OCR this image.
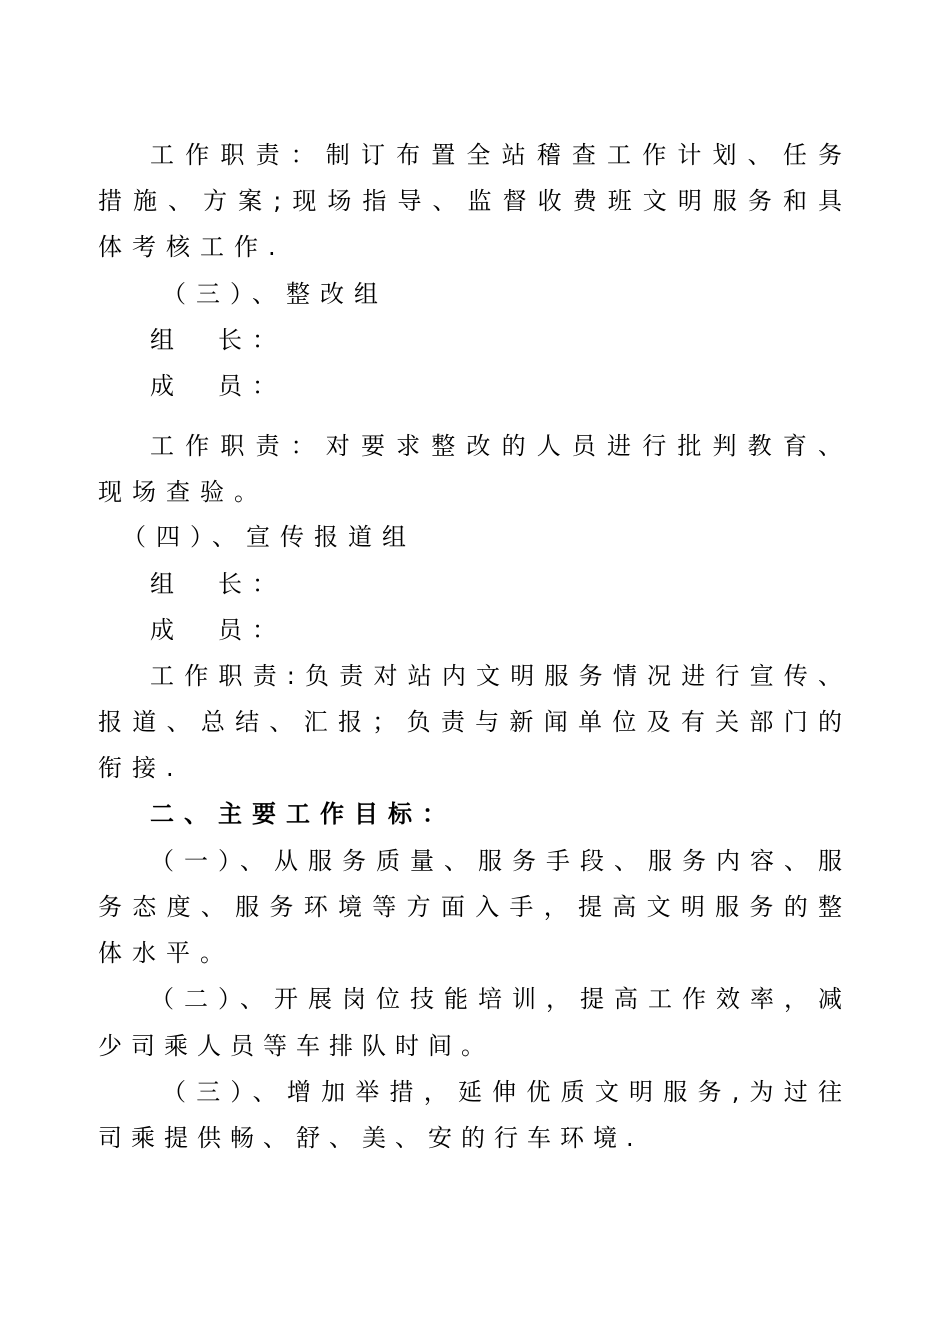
工作职责：制订布置全站稽查工作计划、任务
措施、方案;现场指导、监督收费班文明服务和具
体考核工作.
（三）、整改组
组 长：
成 员：
工作职责：对要求整改的人员进行批判教育、
现场查验。
（四）、宣传报道组
组 长：
成 员：
工作职责:负责对站内文明服务情况进行宣传、
报道、总结、汇报；负责与新闻单位及有关部门的
衔接.
二、主要工作目标：
（一）、从服务质量、服务手段、服务内容、服
务态度、服务环境等方面入手，提高文明服务的整
体水平。
（二）、开展岗位技能培训，提高工作效率，减
少司乘人员等车排队时间。
（三）、增加举措，延伸优质文明服务,为过往
司乘提供畅、舒、美、安的行车环境.
